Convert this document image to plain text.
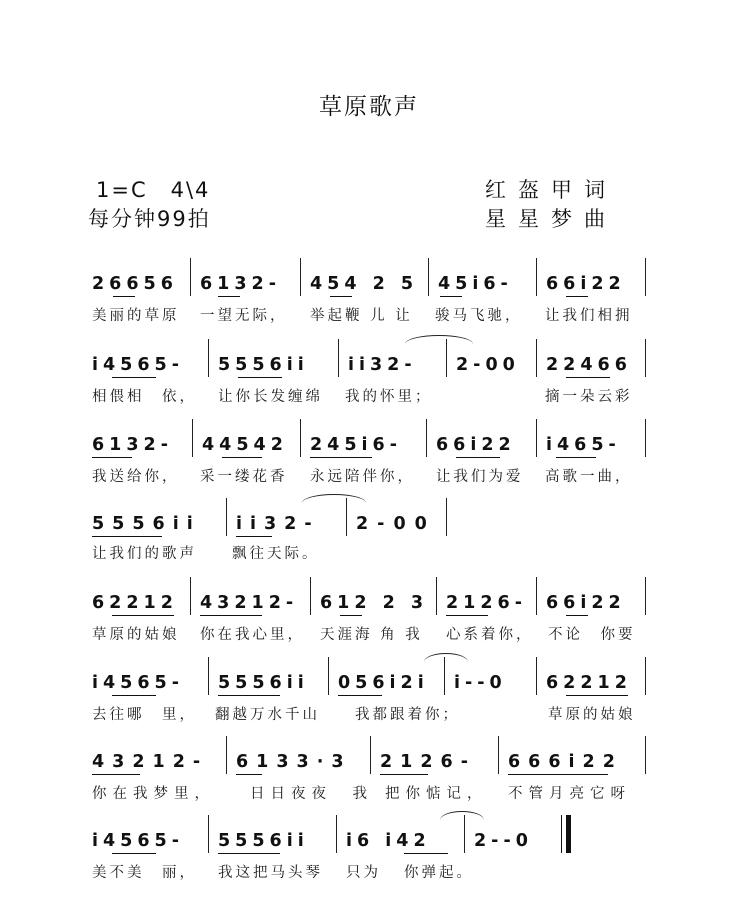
草原歌声
1=C　4\4
每分钟99拍
红盔甲词
星星梦曲
26656 6132- 454 2 5 45i6- 66i22
美丽的草原 一望无际， 举起鞭 儿 让 骏马飞驰， 让我们相拥
i4565- 5556ii ii32- 2-00 22466
相偎相　依， 让你长发缠绵 我的怀里；	摘一朵云彩
6132- 44542 245i6- 66i22 i465-
我送给你， 采一缕花香 永远陪伴你， 让我们为爱 高歌一曲，
5556ii ii32- 2-00
让我们的歌声 飘往天际。
62212 43212- 612 2 3 2126- 66i22
草原的姑娘 你在我心里， 天涯海 角 我 心系着你， 不论　你要
i4565- 5556ii 056i2i i--0 62212
去往哪　里， 翻越万水千山 我都跟着你；	草原的姑娘
43212- 6133·3 2126- 666i22
你在我梦里， 日日夜夜　我 把你惦记， 不管月亮它呀
i4565- 5556ii i6 i42 2--0
美不美　丽， 我这把马头琴 只为 你弹起。
